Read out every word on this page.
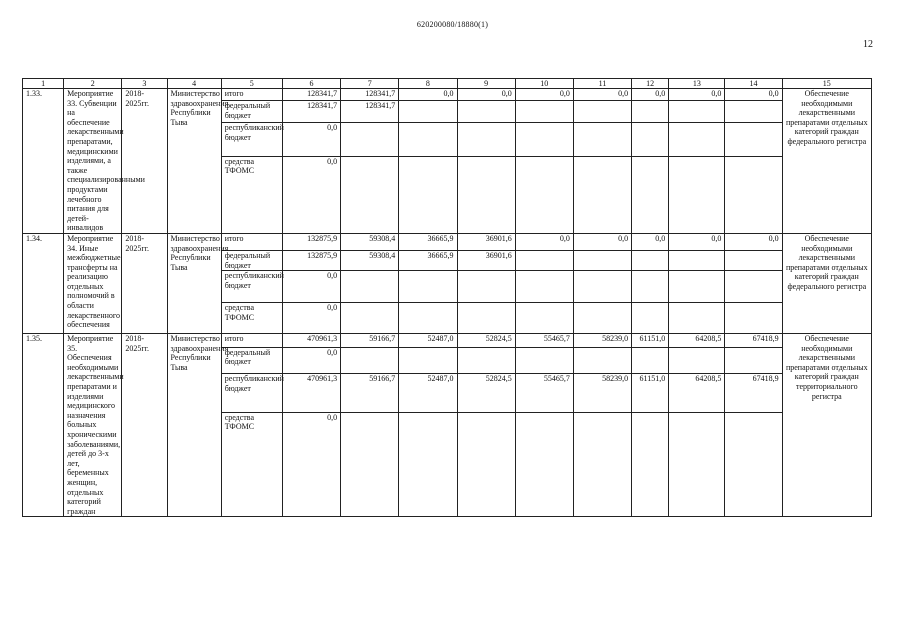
620200080/18880(1)
12
1	2	3	4	5	6	7	8	9	10	11	12	13	14	15
1.33.	Мероприятие 33. Субвенции на обеспечение лекарственными препаратами, медицинскими изделиями, а также специализированными продуктами лечебного питания для детей-инвалидов	2018-2025гг.	Министерство здравоохранения Республики Тыва	итого	128341,7	128341,7	0,0	0,0	0,0	0,0	0,0	0,0	0,0	Обеспечение необходимыми лекарственными препаратами отдельных категорий граждан федерального регистра
				федеральный бюджет	128341,7	128341,7								
				республиканский бюджет	0,0									
				средства ТФОМС	0,0									
1.34.	Мероприятие 34. Иные межбюджетные трансферты на реализацию отдельных полномочий в области лекарственного обеспечения	2018-2025гг.	Министерство здравоохранения Республики Тыва	итого	132875,9	59308,4	36665,9	36901,6	0,0	0,0	0,0	0,0	0,0	Обеспечение необходимыми лекарственными препаратами отдельных категорий граждан федерального регистра
				федеральный бюджет	132875,9	59308,4	36665,9	36901,6						
				республиканский бюджет	0,0									
				средства ТФОМС	0,0									
1.35.	Мероприятие 35. Обеспечения необходимыми лекарственными препаратами и изделиями медицинского назначения больных хроническими заболеваниями, детей до 3-х лет, беременных женщин, отдельных категорий граждан	2018-2025гг.	Министерство здравоохранения Республики Тыва	итого	470961,3	59166,7	52487,0	52824,5	55465,7	58239,0	61151,0	64208,5	67418,9	Обеспечение необходимыми лекарственными препаратами отдельных категорий граждан территориального регистра
				федеральный бюджет	0,0									
				республиканский бюджет	470961,3	59166,7	52487,0	52824,5	55465,7	58239,0	61151,0	64208,5	67418,9	
				средства ТФОМС	0,0									
